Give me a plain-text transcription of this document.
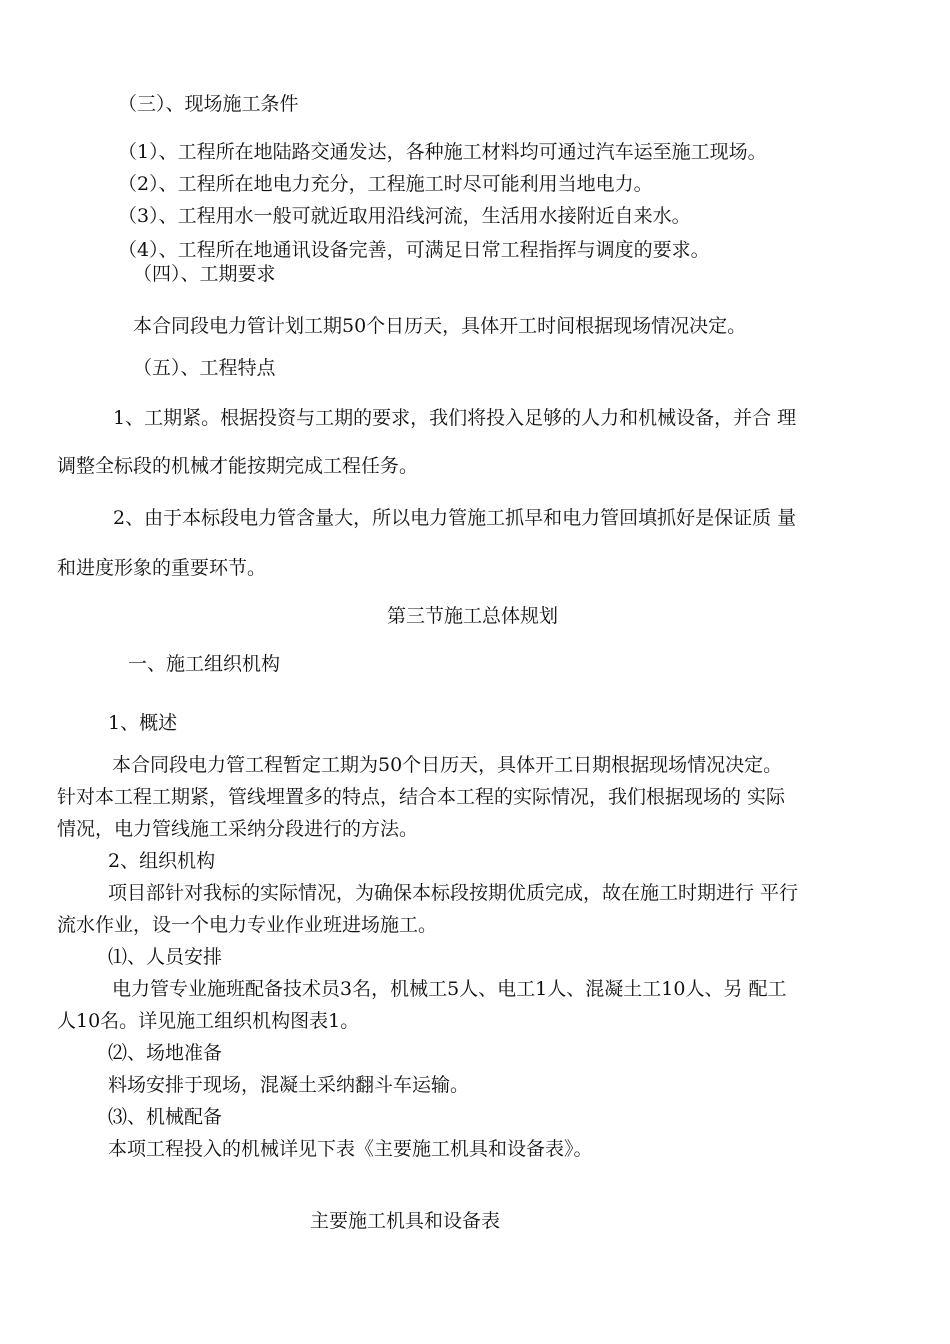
（三）、现场施工条件
（1）、工程所在地陆路交通发达，各种施工材料均可通过汽车运至施工现场。
（2）、工程所在地电力充分，工程施工时尽可能利用当地电力。
（3）、工程用水一般可就近取用沿线河流，生活用水接附近自来水。
（4）、工程所在地通讯设备完善，可满足日常工程指挥与调度的要求。
（四）、工期要求
本合同段电力管计划工期50个日历天，具体开工时间根据现场情况决定。
（五）、工程特点
1、工期紧。根据投资与工期的要求，我们将投入足够的人力和机械设备，并合 理
调整全标段的机械才能按期完成工程任务。
2、由于本标段电力管含量大，所以电力管施工抓早和电力管回填抓好是保证质 量
和进度形象的重要环节。
第三节施工总体规划
一、施工组织机构
1、概述
本合同段电力管工程暂定工期为50个日历天，具体开工日期根据现场情况决定。
针对本工程工期紧，管线埋置多的特点，结合本工程的实际情况，我们根据现场的 实际
情况，电力管线施工采纳分段进行的方法。
2、组织机构
项目部针对我标的实际情况，为确保本标段按期优质完成，故在施工时期进行 平行
流水作业，设一个电力专业作业班进场施工。
⑴、人员安排
电力管专业施班配备技术员3名，机械工5人、电工1人、混凝土工10人、另 配工
人10名。详见施工组织机构图表1。
⑵、场地准备
料场安排于现场，混凝土采纳翻斗车运输。
⑶、机械配备
本项工程投入的机械详见下表《主要施工机具和设备表》。
主要施工机具和设备表
